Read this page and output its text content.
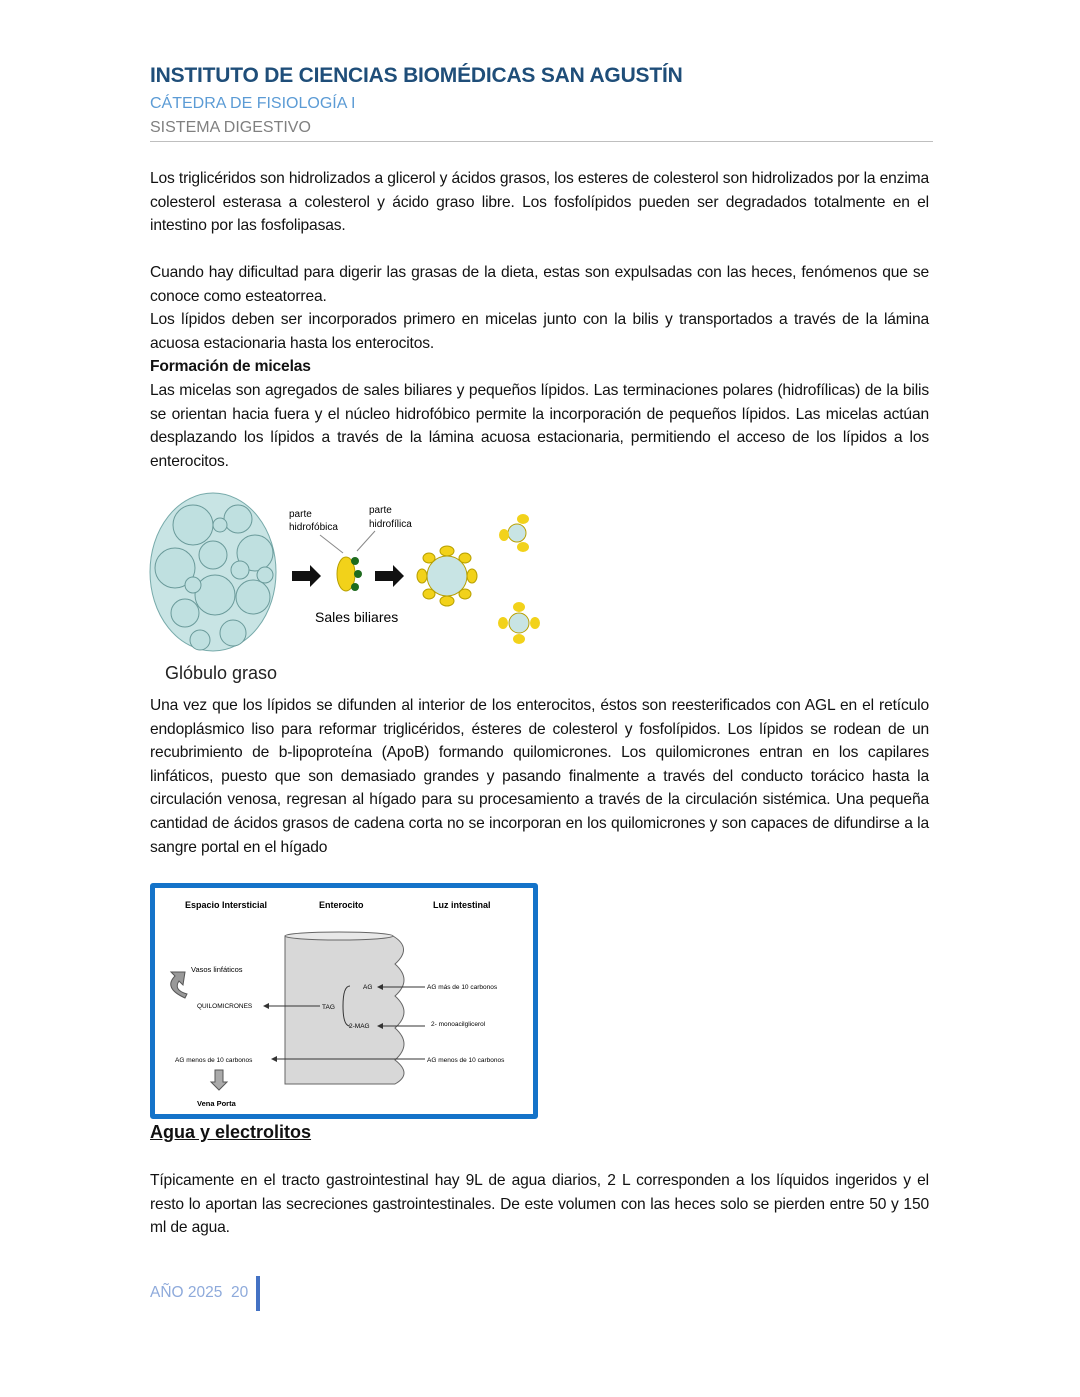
INSTITUTO DE CIENCIAS BIOMÉDICAS SAN AGUSTÍN
CÁTEDRA DE FISIOLOGÍA I
SISTEMA DIGESTIVO
Los triglicéridos son hidrolizados a glicerol y ácidos grasos, los esteres de colesterol son hidrolizados por la enzima colesterol esterasa a colesterol y ácido graso libre. Los fosfolípidos pueden ser degradados totalmente en el intestino por las fosfolipasas.

Cuando hay dificultad para digerir las grasas de la dieta, estas son expulsadas con las heces, fenómenos que se conoce como esteatorrea.

Los lípidos deben ser incorporados primero en micelas junto con la bilis y transportados a través de la lámina acuosa estacionaria hasta los enterocitos.

Formación de micelas

Las micelas son agregados de sales biliares y pequeños lípidos. Las terminaciones polares (hidrofílicas) de la bilis se orientan hacia fuera y el núcleo hidrofóbico permite la incorporación de pequeños lípidos. Las micelas actúan desplazando los lípidos a través de la lámina acuosa estacionaria, permitiendo el acceso de los lípidos a los enterocitos.

Glóbulo graso
parte
hidrofóbica
parte
hidrofílica
Sales biliares
Una vez que los lípidos se difunden al interior de los enterocitos, éstos son reesterificados con AGL en el retículo endoplásmico liso para reformar triglicéridos, ésteres de colesterol y fosfolípidos. Los lípidos se rodean de un recubrimiento de b-lipoproteína (ApoB) formando quilomicrones. Los quilomicrones entran en los capilares linfáticos, puesto que son demasiado grandes y pasando finalmente a través del conducto torácico hasta la circulación venosa, regresan al hígado para su procesamiento a través de la circulación sistémica. Una pequeña cantidad de ácidos grasos de cadena corta no se incorporan en los quilomicrones y son capaces de difundirse a la sangre portal en el hígado
Espacio Intersticial	Enterocito	Luz intestinal
Vasos linfáticos
QUILOMICRONES	TAG
AG	AG más de 10 carbonos
2-MAG	2- monoacilglicerol
AG menos de 10 carbonos	AG menos de 10 carbonos
Vena Porta
Agua y electrolitos
Típicamente en el tracto gastrointestinal hay 9L de agua diarios, 2 L corresponden a los líquidos ingeridos y el resto lo aportan las secreciones gastrointestinales. De este volumen con las heces solo se pierden entre 50 y 150 ml de agua.
AÑO 2025 20
